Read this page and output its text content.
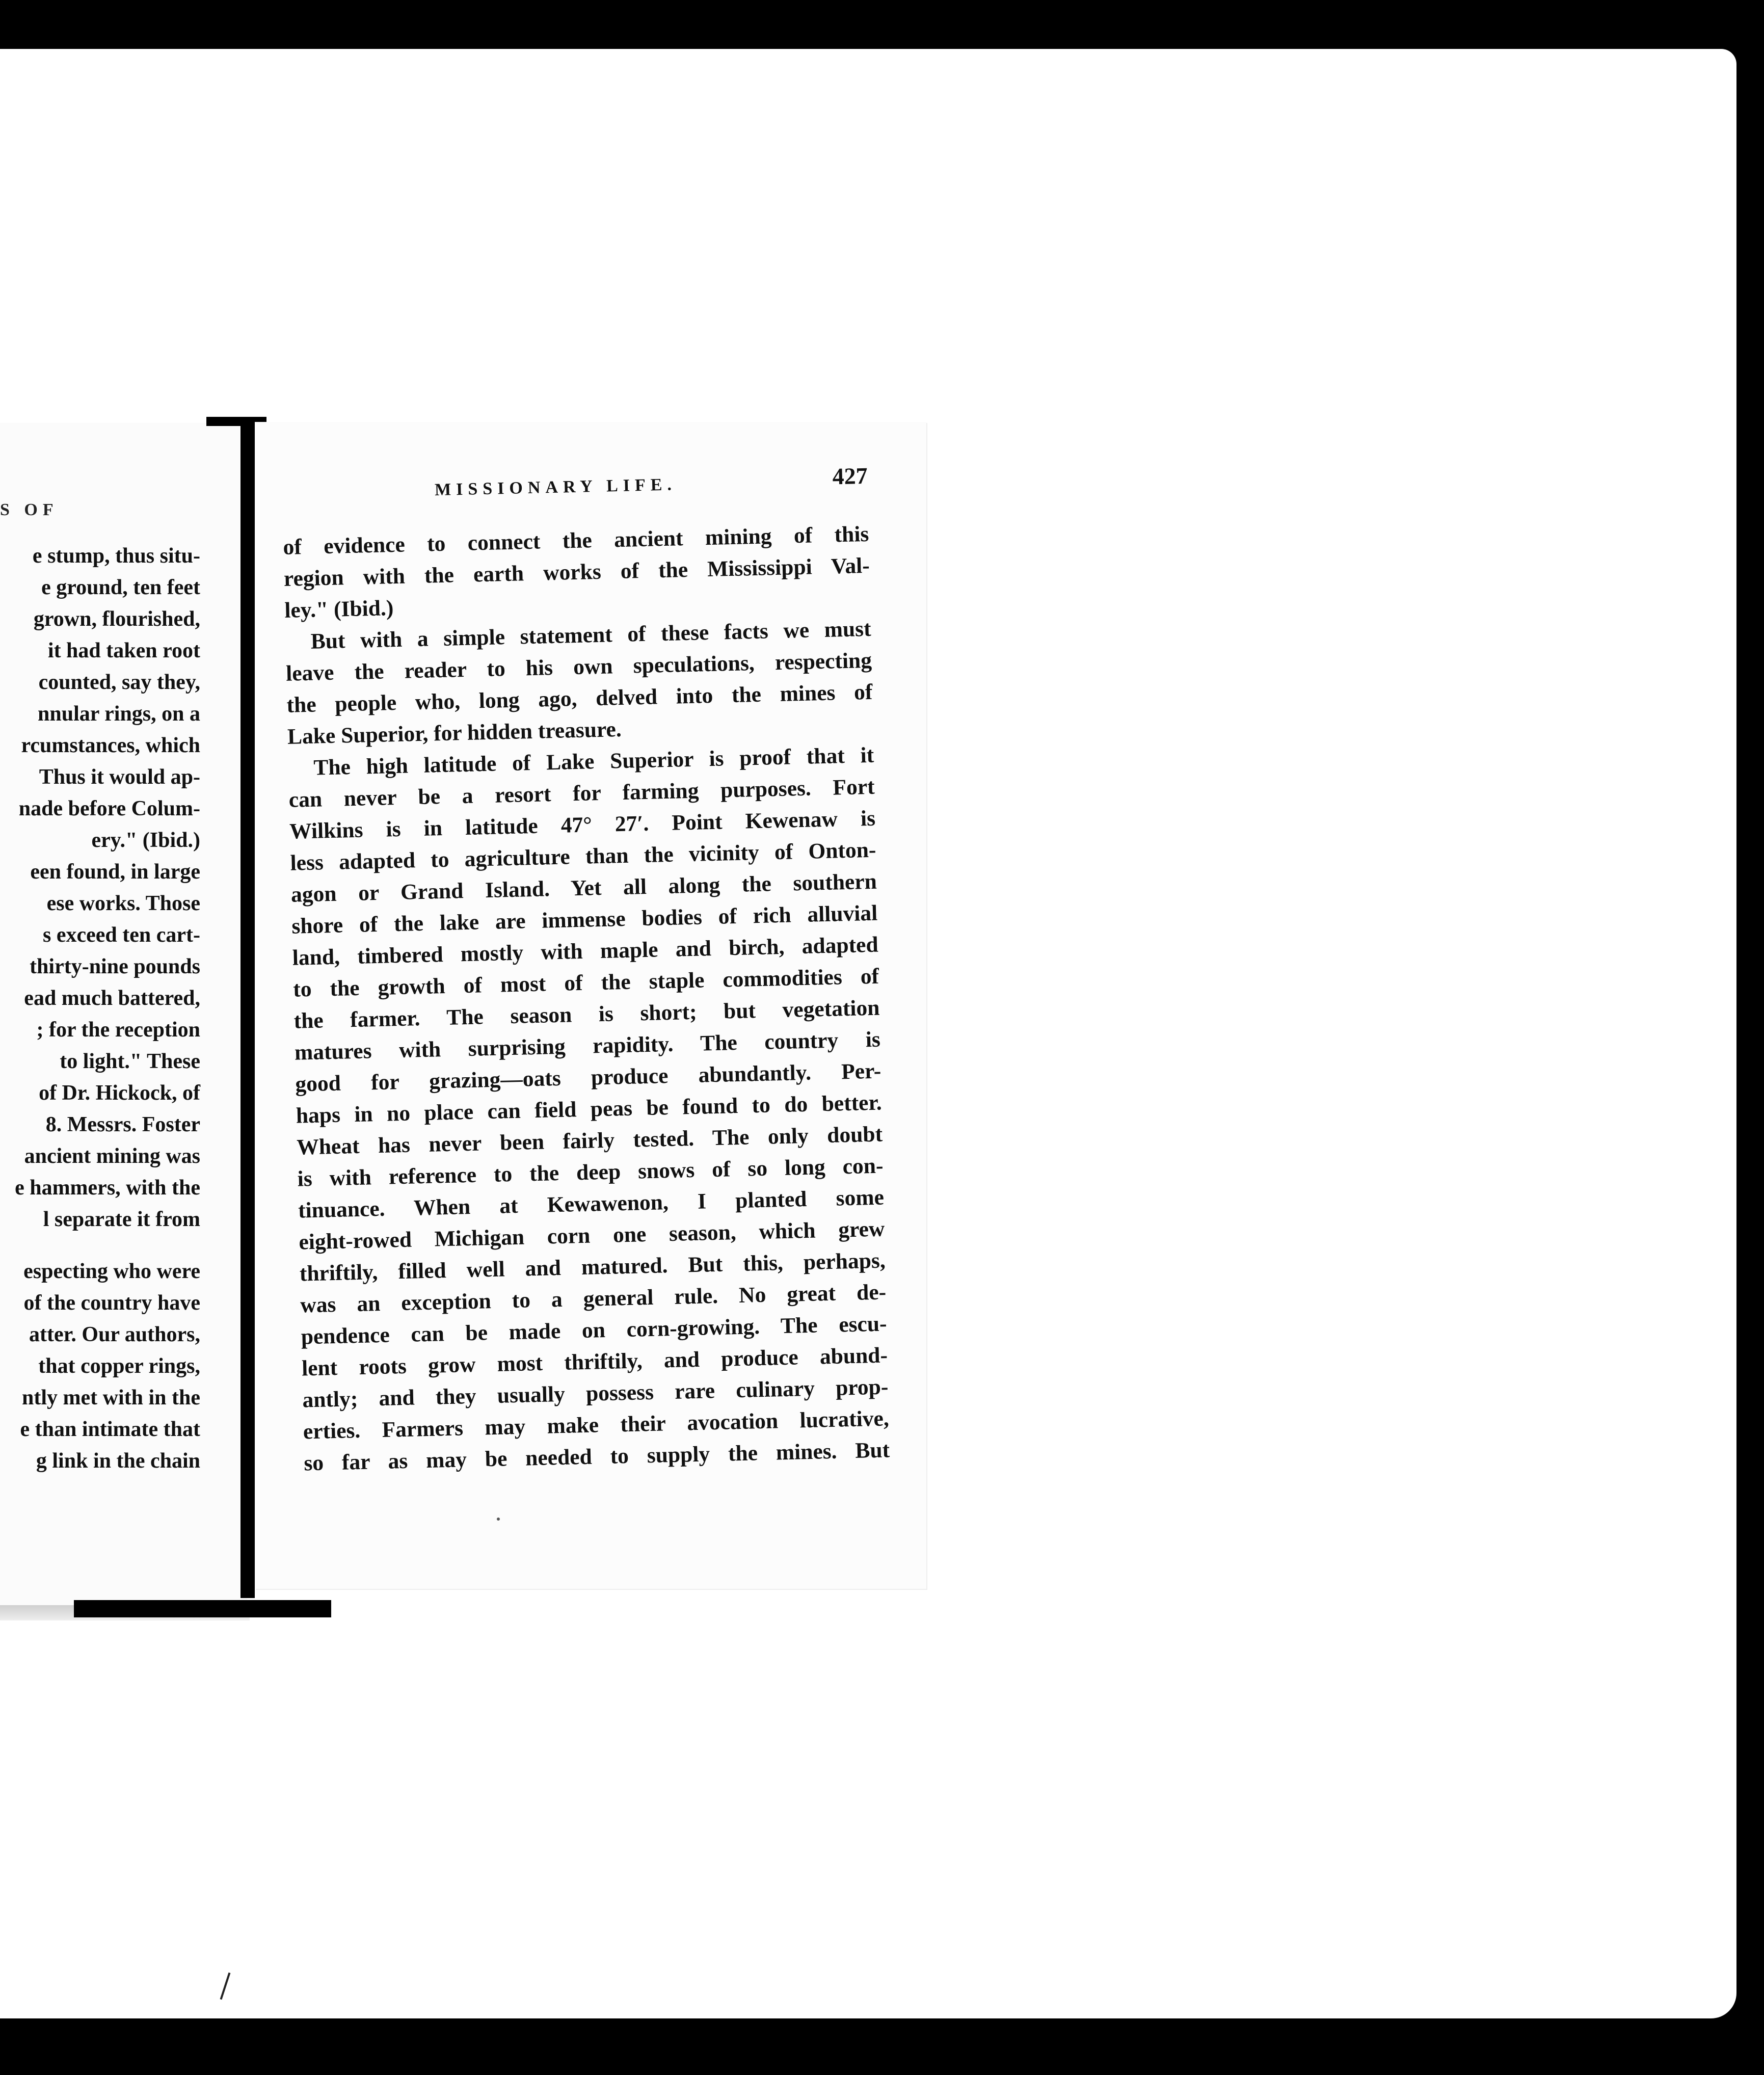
S OF
e stump, thus situ-
e ground, ten feet
grown, flourished,
it had taken root
counted, say they,
nnular rings, on a
rcumstances, which
Thus it would ap-
nade before Colum-
ery." (Ibid.)
een found, in large
ese works. Those
s exceed ten cart-
thirty-nine pounds
ead much battered,
; for the reception
to light." These
of Dr. Hickock, of
8. Messrs. Foster
ancient mining was
e hammers, with the
l separate it from
especting who were
of the country have
atter. Our authors,
that copper rings,
ntly met with in the
e than intimate that
g link in the chain
MISSIONARY LIFE.	427
of evidence to connect the ancient mining of this
region with the earth works of the Mississippi Val-
ley." (Ibid.)
But with a simple statement of these facts we must
leave the reader to his own speculations, respecting
the people who, long ago, delved into the mines of
Lake Superior, for hidden treasure.
The high latitude of Lake Superior is proof that it
can never be a resort for farming purposes. Fort
Wilkins is in latitude 47° 27′. Point Kewenaw is
less adapted to agriculture than the vicinity of Onton-
agon or Grand Island. Yet all along the southern
shore of the lake are immense bodies of rich alluvial
land, timbered mostly with maple and birch, adapted
to the growth of most of the staple commodities of
the farmer. The season is short; but vegetation
matures with surprising rapidity. The country is
good for grazing—oats produce abundantly. Per-
haps in no place can field peas be found to do better.
Wheat has never been fairly tested. The only doubt
is with reference to the deep snows of so long con-
tinuance. When at Kewawenon, I planted some
eight-rowed Michigan corn one season, which grew
thriftily, filled well and matured. But this, perhaps,
was an exception to a general rule. No great de-
pendence can be made on corn-growing. The escu-
lent roots grow most thriftily, and produce abund-
antly; and they usually possess rare culinary prop-
erties. Farmers may make their avocation lucrative,
so far as may be needed to supply the mines. But
